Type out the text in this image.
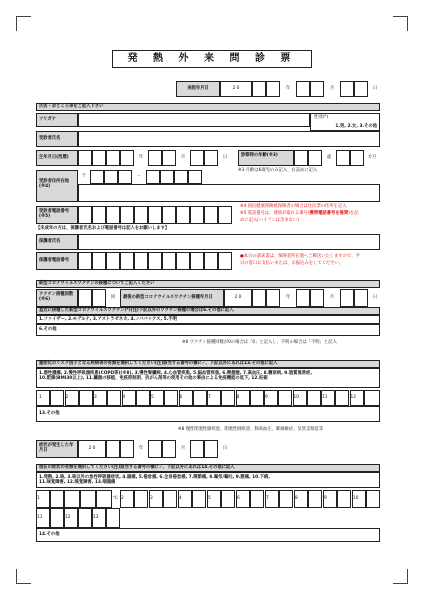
発 熱 外 来 問 診 票
来院年月日	2 0	年	月	日
氏名・おところ等をご記入下さい
フリガナ	性別(*)
1.男, 2.女, 3.その他
受診者氏名
生年月日(西暦)	年	月	日	診察時の年齢(※3)	歳	カ月
※3 月齢は6歳児のみ記入、右詰めに記入
受診者住所在地(※4)
〒	－
受診者電話番号(※5)
※4 国民健康保険被保険者の場合は住民票の住所を記入
※5 電話番号は、連絡が取れる番号(携帯電話番号を推奨)を記
めに記入(ハイフンは含まない)
【未成年の方は、保護者氏名および電話番号は記入をお願いします】
保護者氏名
保護者電話番号
●本日の請求書は、保険者所在地へご郵送いたしますので、予
日の窓口お支払いまたは、お振込みをしてください。
新型コロナウイルスワクチンの接種についてご記入ください
ワクチン接種回数(※6)	回	最後の新型コロナウイルスワクチン接種年月日	2 0	年	月	日
直近に接種した新型コロナウイルスワクチン(*)(注)下記以外のワクチン接種の場合は6.その他に記入
1.ファイザー, 2.モデルナ, 3.アストラゼネカ, 4.ノババックス, 5.不明
6.その他
※6 ワクチン接種回数が0の場合は「0」と記入し、不明の場合は「不明」と記入
重症化のリスク因子となる疾病等の有無を選択してください(注)該当する番号の横に✓、下記以外にあれば13.その他に記入
1.悪性腫瘍, 2.慢性呼吸器疾患(COPD等)(※8), 3.慢性腎臓病, 4.心血管疾患, 5.脳血管疾患, 6.喫煙歴, 7.高血圧, 8.糖尿病, 9.脂質異常症,
10.肥満(BMI30以上), 11.臓器の移植、免疫抑制剤、抗がん剤等の使用その他の事由による免疫機能の低下, 12.妊娠
1	2	3	4	5	6	7	8	9	10	11	12
13.その他
※8 慢性閉塞性肺疾患、閉塞性肺疾患、肺高血圧、肺線維症、気管支喘息等
症状が発生した年月日	2 0	年	月	日
現在の症状の有無を選択してください(注)該当する番号の横に✓、下記以外にあれば14.その他に記入
1.発熱, 2.咳, 3.咳以外の急性呼吸器症状, 4.頭痛, 5.倦怠感, 6.全身倦怠感, 7.関節痛, 8.嘔気/嘔吐, 9.腹痛, 10.下痢,
11.味覚障害, 12.嗅覚障害, 13.咽頭痛
1	℃ 2	3	4	5	6	7	8	9	10
11	12	13
14.その他
